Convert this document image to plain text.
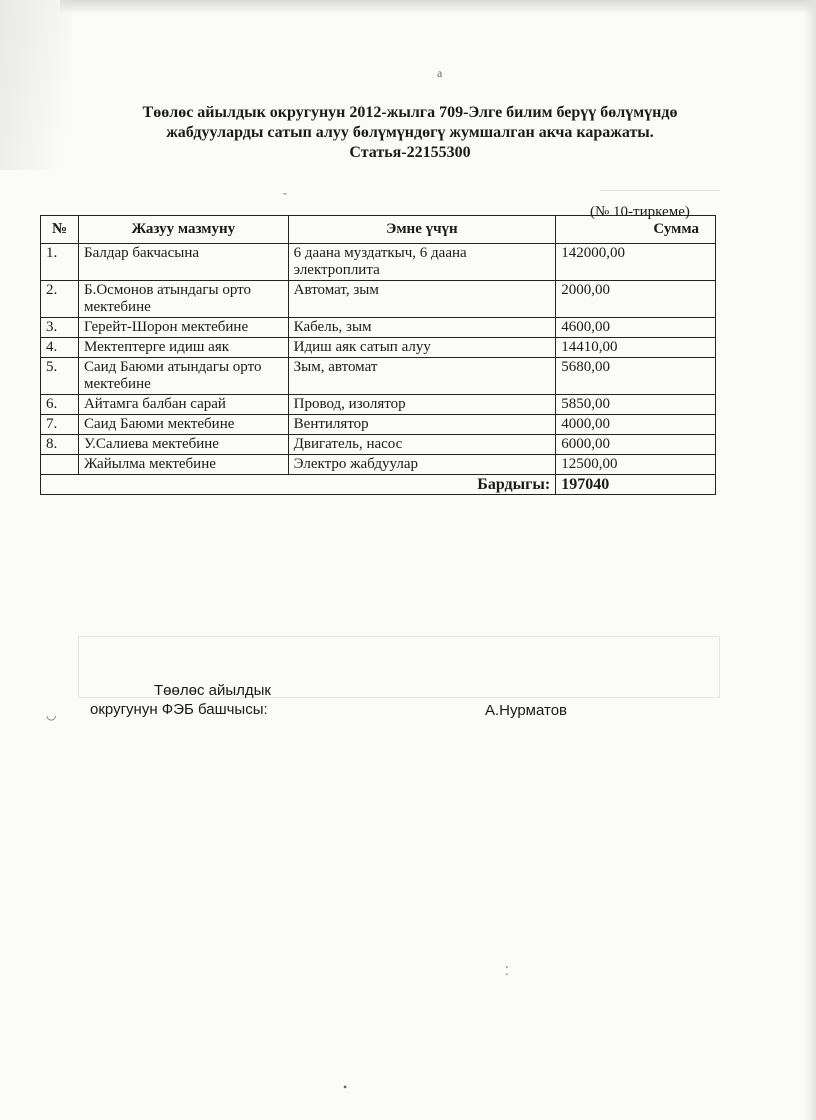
a
˘
◡
⁚
•
Төөлөс айылдык округунун 2012-жылга 709-Элге билим берүү бөлүмүндө
жабдууларды сатып алуу бөлүмүндөгү жумшалган акча каражаты.
Статья-22155300
(№ 10-тиркеме)
№	Жазуу мазмуну	Эмне үчүн	Сумма
1.	Балдар бакчасына	6 даана муздаткыч, 6 даана электроплита	142000,00
2.	Б.Осмонов атындагы орто мектебине	Автомат, зым	2000,00
3.	Герейт-Шорон мектебине	Кабель, зым	4600,00
4.	Мектептерге идиш аяк	Идиш аяк сатып алуу	14410,00
5.	Саид Баюми атындагы орто мектебине	Зым, автомат	5680,00
6.	Айтамга балбан сарай	Провод, изолятор	5850,00
7.	Саид Баюми мектебине	Вентилятор	4000,00
8.	У.Салиева мектебине	Двигатель, насос	6000,00
	Жайылма мектебине	Электро жабдуулар	12500,00
Бардыгы:			197040
Төөлөс айылдык
округунун ФЭБ башчысы:	А.Нурматов
